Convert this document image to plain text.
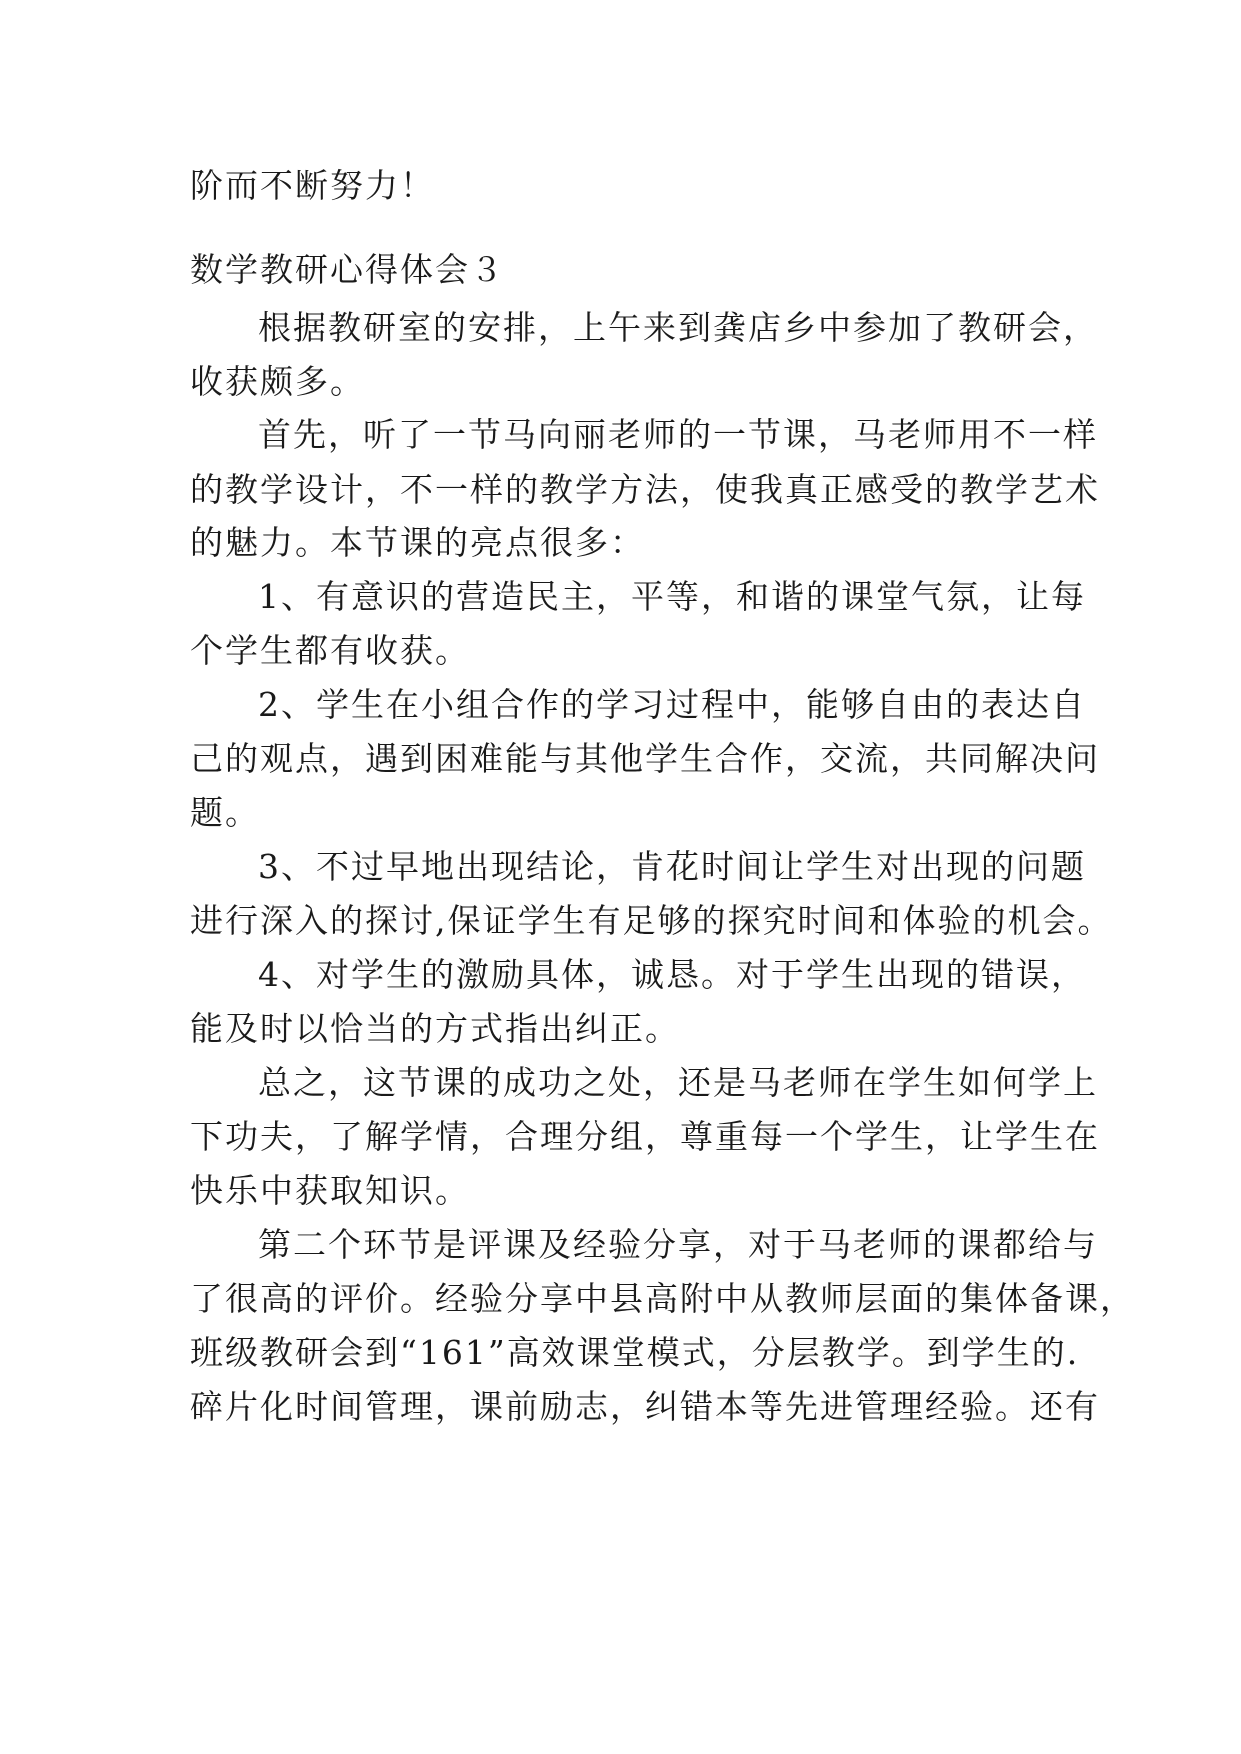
阶而不断努力！
数学教研心得体会３
根据教研室的安排，上午来到龚店乡中参加了教研会，
收获颇多。
首先，听了一节马向丽老师的一节课，马老师用不一样
的教学设计，不一样的教学方法，使我真正感受的教学艺术
的魅力。本节课的亮点很多：
1、有意识的营造民主，平等，和谐的课堂气氛，让每
个学生都有收获。
2、学生在小组合作的学习过程中，能够自由的表达自
己的观点，遇到困难能与其他学生合作，交流，共同解决问
题。
3、不过早地出现结论，肯花时间让学生对出现的问题
进行深入的探讨,保证学生有足够的探究时间和体验的机会。
4、对学生的激励具体，诚恳。对于学生出现的错误，
能及时以恰当的方式指出纠正。
总之，这节课的成功之处，还是马老师在学生如何学上
下功夫，了解学情，合理分组，尊重每一个学生，让学生在
快乐中获取知识。
第二个环节是评课及经验分享，对于马老师的课都给与
了很高的评价。经验分享中县高附中从教师层面的集体备课，
班级教研会到“161”高效课堂模式，分层教学。到学生的.
碎片化时间管理，课前励志，纠错本等先进管理经验。还有
